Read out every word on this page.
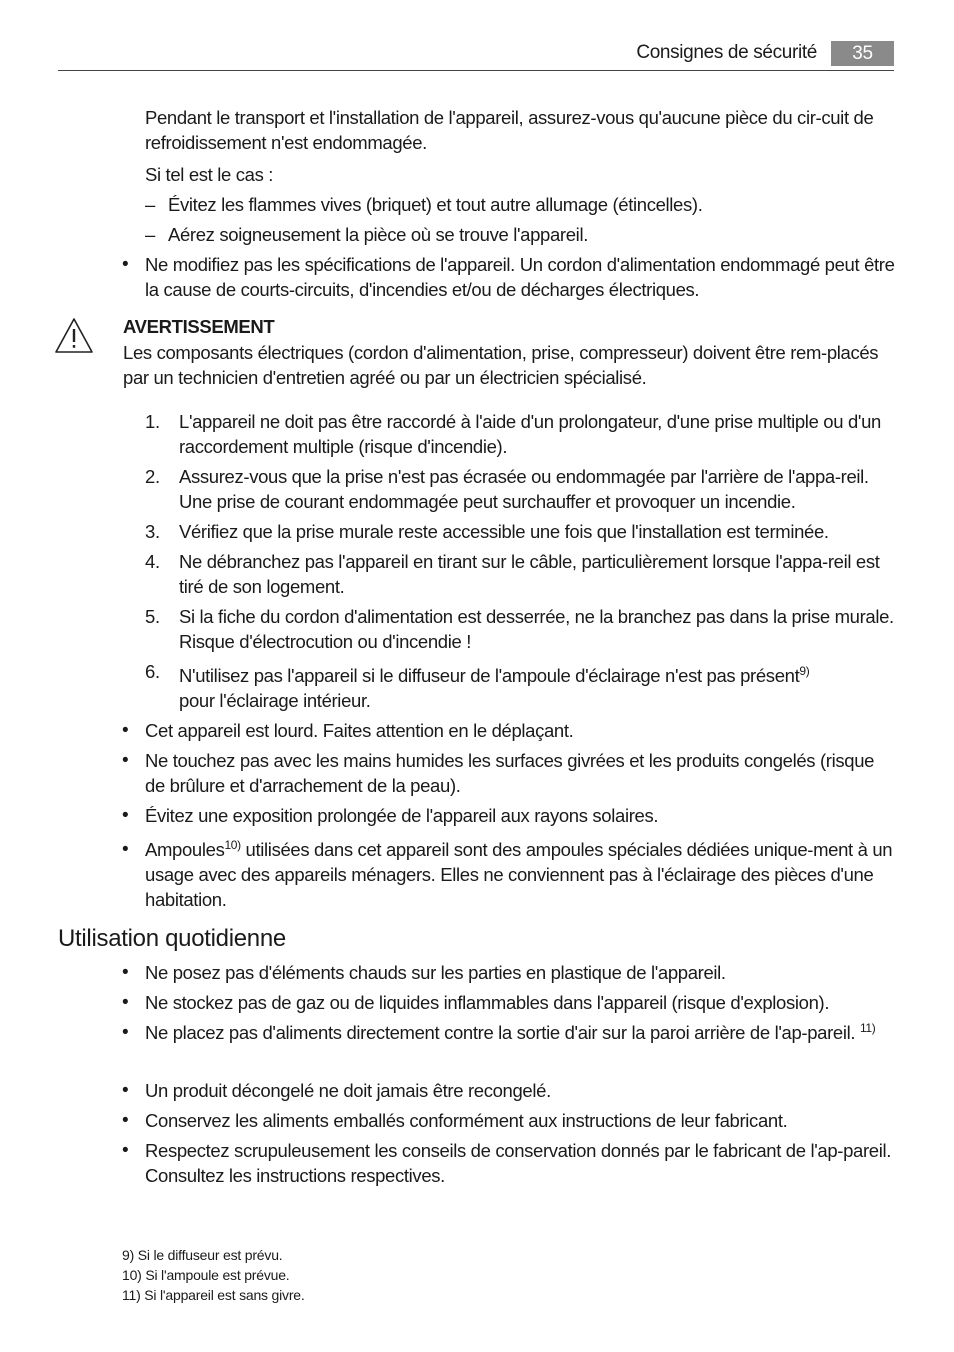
Consignes de sécurité	35

Pendant le transport et l'installation de l'appareil, assurez-vous qu'aucune pièce du cir-cuit de refroidissement n'est endommagée.

Si tel est le cas :

– Évitez les flammes vives (briquet) et tout autre allumage (étincelles).
– Aérez soigneusement la pièce où se trouve l'appareil.
• Ne modifiez pas les spécifications de l'appareil. Un cordon d'alimentation endommagé peut être la cause de courts-circuits, d'incendies et/ou de décharges électriques.
AVERTISSEMENT
Les composants électriques (cordon d'alimentation, prise, compresseur) doivent être rem-placés par un technicien d'entretien agréé ou par un électricien spécialisé.
1.	L'appareil ne doit pas être raccordé à l'aide d'un prolongateur, d'une prise multiple ou d'un raccordement multiple (risque d'incendie).
2.	Assurez-vous que la prise n'est pas écrasée ou endommagée par l'arrière de l'appa-reil. Une prise de courant endommagée peut surchauffer et provoquer un incendie.
3.	Vérifiez que la prise murale reste accessible une fois que l'installation est terminée.
4.	Ne débranchez pas l'appareil en tirant sur le câble, particulièrement lorsque l'appa-reil est tiré de son logement.
5.	Si la fiche du cordon d'alimentation est desserrée, ne la branchez pas dans la prise murale. Risque d'électrocution ou d'incendie !
6.	N'utilisez pas l'appareil si le diffuseur de l'ampoule d'éclairage n'est pas présent$^{9)}$
pour l'éclairage intérieur.
• Cet appareil est lourd. Faites attention en le déplaçant.
• Ne touchez pas avec les mains humides les surfaces givrées et les produits congelés (risque de brûlure et d'arrachement de la peau).
• Évitez une exposition prolongée de l'appareil aux rayons solaires.
• Ampoules$^{10)}$ utilisées dans cet appareil sont des ampoules spéciales dédiées unique-ment à un usage avec des appareils ménagers. Elles ne conviennent pas à l'éclairage des pièces d'une habitation.
Utilisation quotidienne
• Ne posez pas d'éléments chauds sur les parties en plastique de l'appareil.
• Ne stockez pas de gaz ou de liquides inflammables dans l'appareil (risque d'explosion).
• Ne placez pas d'aliments directement contre la sortie d'air sur la paroi arrière de l'ap-pareil. $^{11)}$
• Un produit décongelé ne doit jamais être recongelé.
• Conservez les aliments emballés conformément aux instructions de leur fabricant.
• Respectez scrupuleusement les conseils de conservation donnés par le fabricant de l'ap-pareil. Consultez les instructions respectives.
9) Si le diffuseur est prévu.
10) Si l'ampoule est prévue.
11) Si l'appareil est sans givre.
